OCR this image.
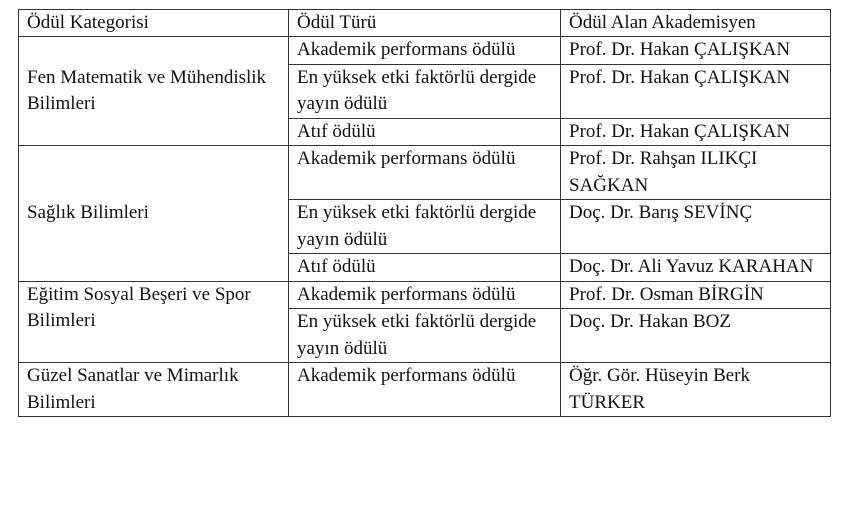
Ödül Kategorisi	Ödül Türü	Ödül Alan Akademisyen

Fen Matematik ve Mühendislik Bilimleri	Akademik performans ödülü	Prof. Dr. Hakan ÇALIŞKAN

	En yüksek etki faktörlü dergide yayın ödülü	Prof. Dr. Hakan ÇALIŞKAN

	Atıf ödülü	Prof. Dr. Hakan ÇALIŞKAN

Sağlık Bilimleri	Akademik performans ödülü	Prof. Dr. Rahşan ILIKÇI SAĞKAN

	En yüksek etki faktörlü dergide yayın ödülü	Doç. Dr. Barış SEVİNÇ

	Atıf ödülü	Doç. Dr. Ali Yavuz KARAHAN

Eğitim Sosyal Beşeri ve Spor Bilimleri	Akademik performans ödülü	Prof. Dr. Osman BİRGİN

	En yüksek etki faktörlü dergide yayın ödülü	Doç. Dr. Hakan BOZ

Güzel Sanatlar ve Mimarlık Bilimleri	Akademik performans ödülü	Öğr. Gör. Hüseyin Berk TÜRKER
